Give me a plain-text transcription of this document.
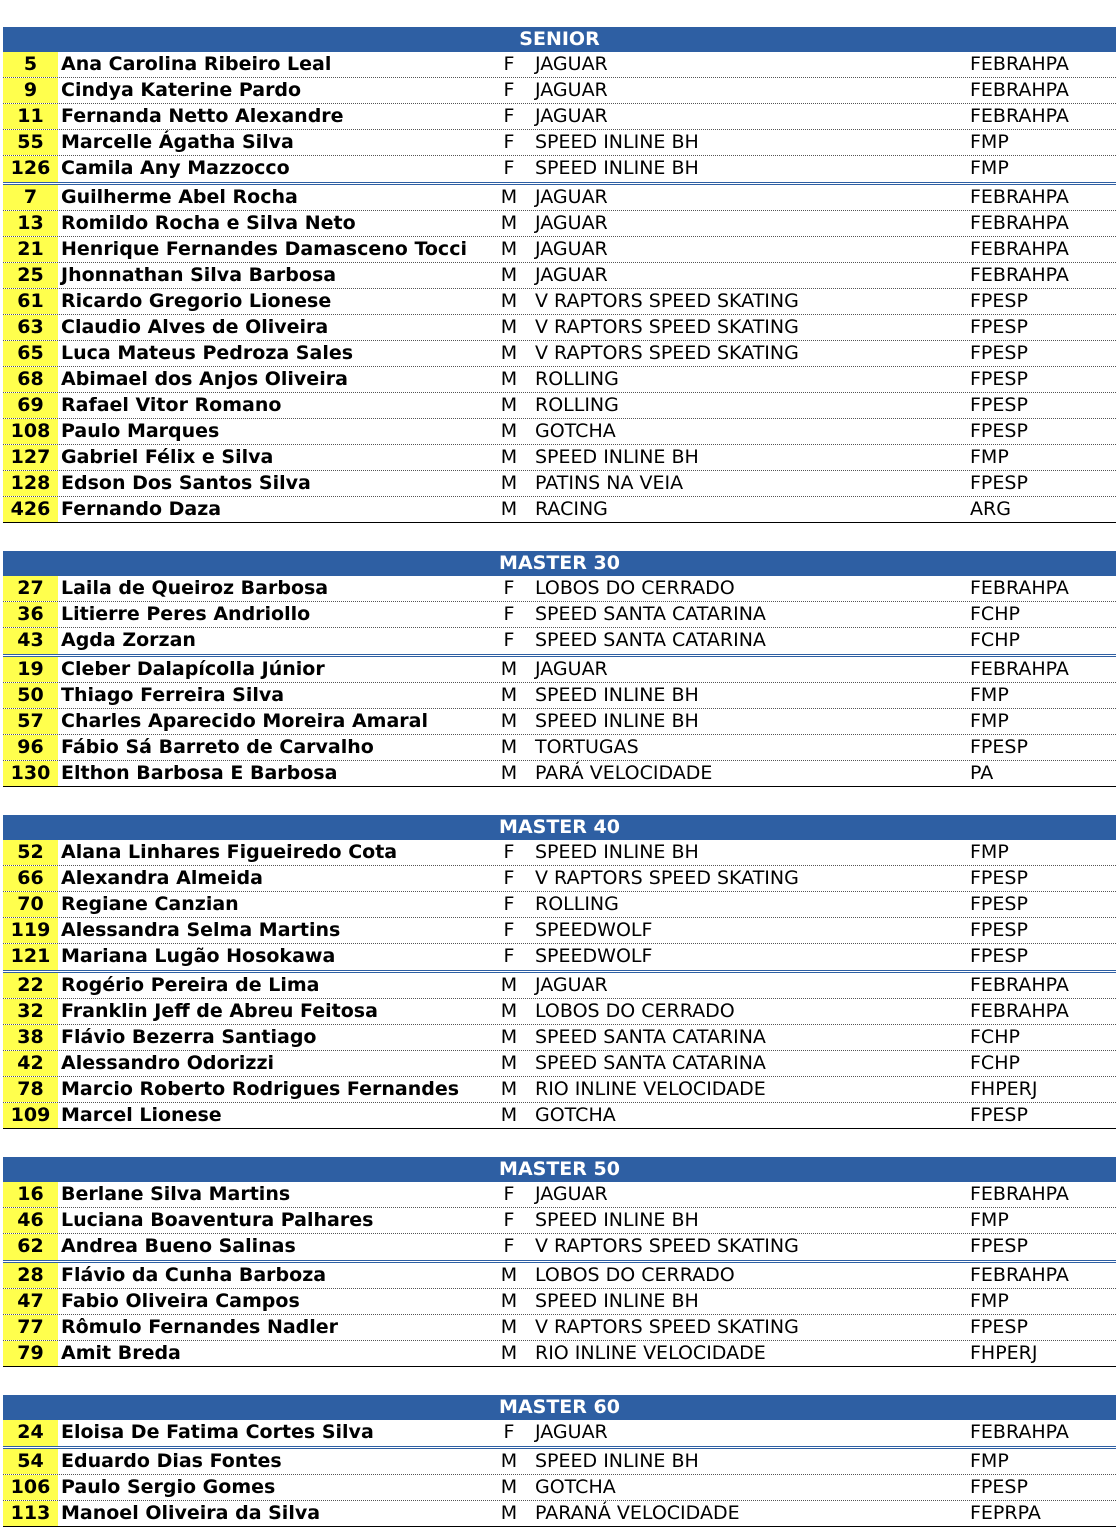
SENIOR
5	Ana Carolina Ribeiro Leal	F JAGUAR	FEBRAHPA
9	Cindya Katerine Pardo	F JAGUAR	FEBRAHPA
11 Fernanda Netto Alexandre	F JAGUAR	FEBRAHPA
55 Marcelle Ágatha Silva	F SPEED INLINE BH	FMP
126 Camila Any Mazzocco	F SPEED INLINE BH	FMP
7	Guilherme Abel Rocha	M JAGUAR	FEBRAHPA
13 Romildo Rocha e Silva Neto	M JAGUAR	FEBRAHPA
21 Henrique Fernandes Damasceno Tocci M JAGUAR	FEBRAHPA
25 Jhonnathan Silva Barbosa	M JAGUAR	FEBRAHPA
61 Ricardo Gregorio Lionese	M V RAPTORS SPEED SKATING	FPESP
63 Claudio Alves de Oliveira	M V RAPTORS SPEED SKATING	FPESP
65 Luca Mateus Pedroza Sales	M V RAPTORS SPEED SKATING	FPESP
68 Abimael dos Anjos Oliveira	M ROLLING	FPESP
69 Rafael Vitor Romano	M ROLLING	FPESP
108 Paulo Marques	M GOTCHA	FPESP
127 Gabriel Félix e Silva	M SPEED INLINE BH	FMP
128 Edson Dos Santos Silva	M PATINS NA VEIA	FPESP
426 Fernando Daza	M RACING	ARG
MASTER 30
27 Laila de Queiroz Barbosa	F LOBOS DO CERRADO	FEBRAHPA
36 Litierre Peres Andriollo	F SPEED SANTA CATARINA	FCHP
43 Agda Zorzan	F SPEED SANTA CATARINA	FCHP
19 Cleber Dalapícolla Júnior	M JAGUAR	FEBRAHPA
50 Thiago Ferreira Silva	M SPEED INLINE BH	FMP
57 Charles Aparecido Moreira Amaral	M SPEED INLINE BH	FMP
96 Fábio Sá Barreto de Carvalho	M TORTUGAS	FPESP
130 Elthon Barbosa E Barbosa	M PARÁ VELOCIDADE	PA
MASTER 40
52 Alana Linhares Figueiredo Cota	F SPEED INLINE BH	FMP
66 Alexandra Almeida	F V RAPTORS SPEED SKATING	FPESP
70 Regiane Canzian	F ROLLING	FPESP
119 Alessandra Selma Martins	F SPEEDWOLF	FPESP
121 Mariana Lugão Hosokawa	F SPEEDWOLF	FPESP
22 Rogério Pereira de Lima	M JAGUAR	FEBRAHPA
32 Franklin Jeff de Abreu Feitosa	M LOBOS DO CERRADO	FEBRAHPA
38 Flávio Bezerra Santiago	M SPEED SANTA CATARINA	FCHP
42 Alessandro Odorizzi	M SPEED SANTA CATARINA	FCHP
78 Marcio Roberto Rodrigues Fernandes M RIO INLINE VELOCIDADE	FHPERJ
109 Marcel Lionese	M GOTCHA	FPESP
MASTER 50
16 Berlane Silva Martins	F JAGUAR	FEBRAHPA
46 Luciana Boaventura Palhares	F SPEED INLINE BH	FMP
62 Andrea Bueno Salinas	F V RAPTORS SPEED SKATING	FPESP
28 Flávio da Cunha Barboza	M LOBOS DO CERRADO	FEBRAHPA
47 Fabio Oliveira Campos	M SPEED INLINE BH	FMP
77 Rômulo Fernandes Nadler	M V RAPTORS SPEED SKATING	FPESP
79 Amit Breda	M RIO INLINE VELOCIDADE	FHPERJ
MASTER 60
24 Eloisa De Fatima Cortes Silva	F JAGUAR	FEBRAHPA
54 Eduardo Dias Fontes	M SPEED INLINE BH	FMP
106 Paulo Sergio Gomes	M GOTCHA	FPESP
113 Manoel Oliveira da Silva	M PARANÁ VELOCIDADE	FEPRPA
